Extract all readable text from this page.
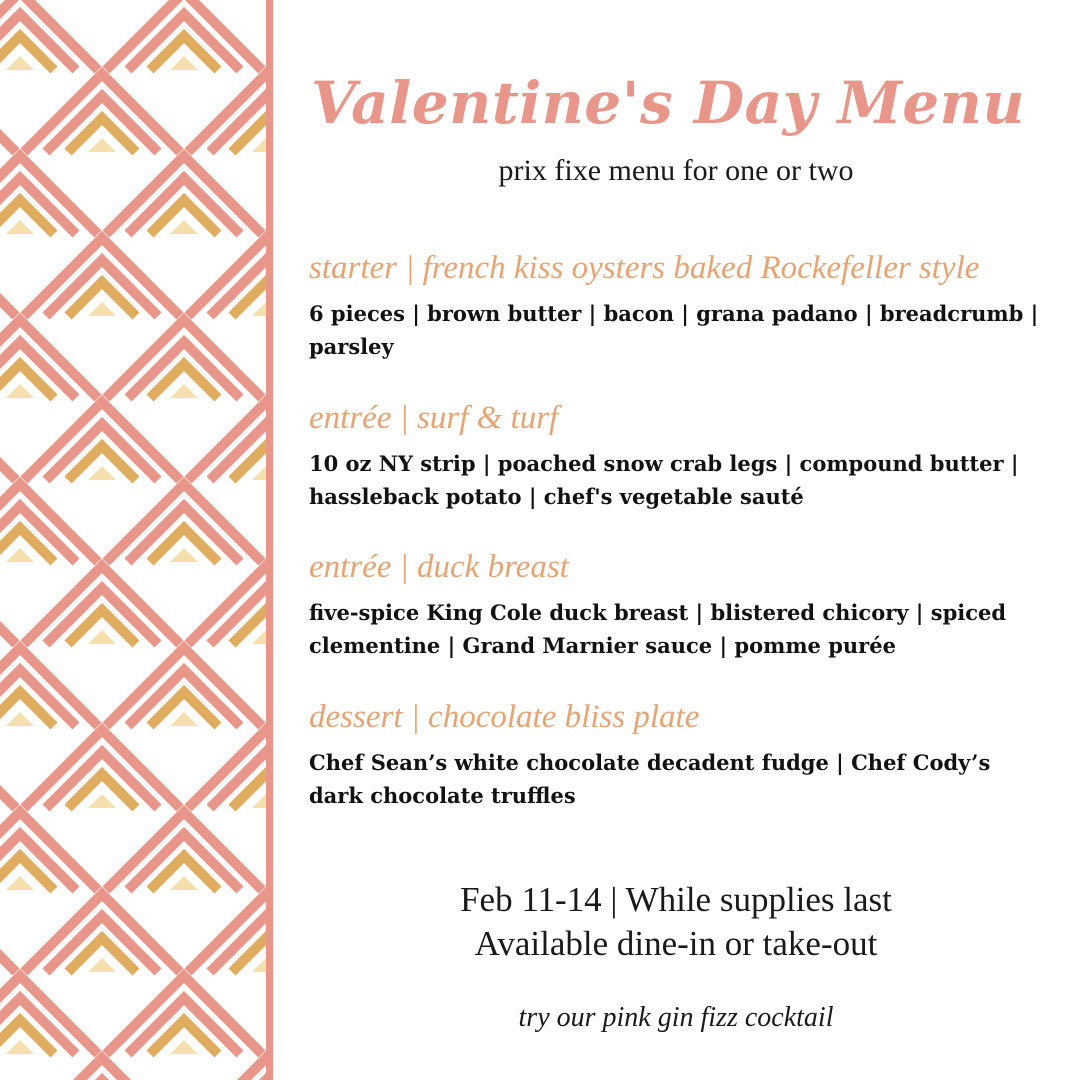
Valentine's Day Menu

prix fixe menu for one or two

starter | french kiss oysters baked Rockefeller style

6 pieces | brown butter | bacon | grana padano | breadcrumb | parsley

entrée | surf & turf

10 oz NY strip | poached snow crab legs | compound butter | hassleback potato | chef's vegetable sauté

entrée | duck breast

five-spice King Cole duck breast | blistered chicory | spiced clementine | Grand Marnier sauce | pomme purée

dessert | chocolate bliss plate

Chef Sean’s white chocolate decadent fudge | Chef Cody’s dark chocolate truffles

Feb 11-14 | While supplies last
Available dine-in or take-out

try our pink gin fizz cocktail
